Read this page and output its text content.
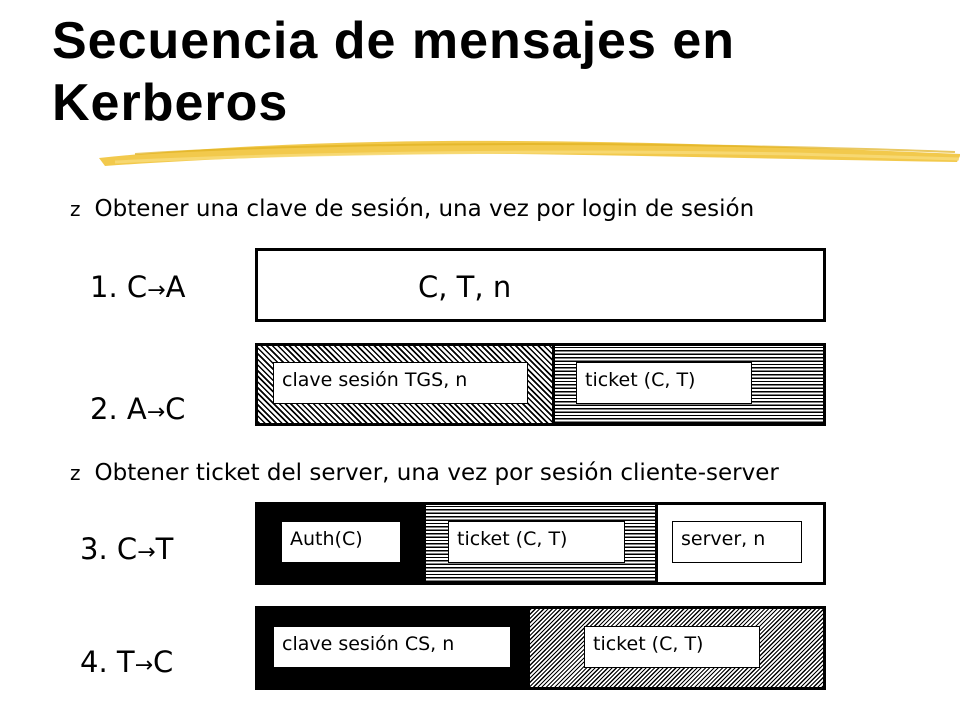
Secuencia de mensajes en Kerberos
z Obtener una clave de sesión, una vez por login de sesión
1. C→A	C, T, n
2. A→C
clave sesión TGS, n	ticket (C, T)
z Obtener ticket del server, una vez por sesión cliente-server
3. C→T	Auth(C)	ticket (C, T)	server, n
4. T→C
clave sesión CS, n	ticket (C, T)
